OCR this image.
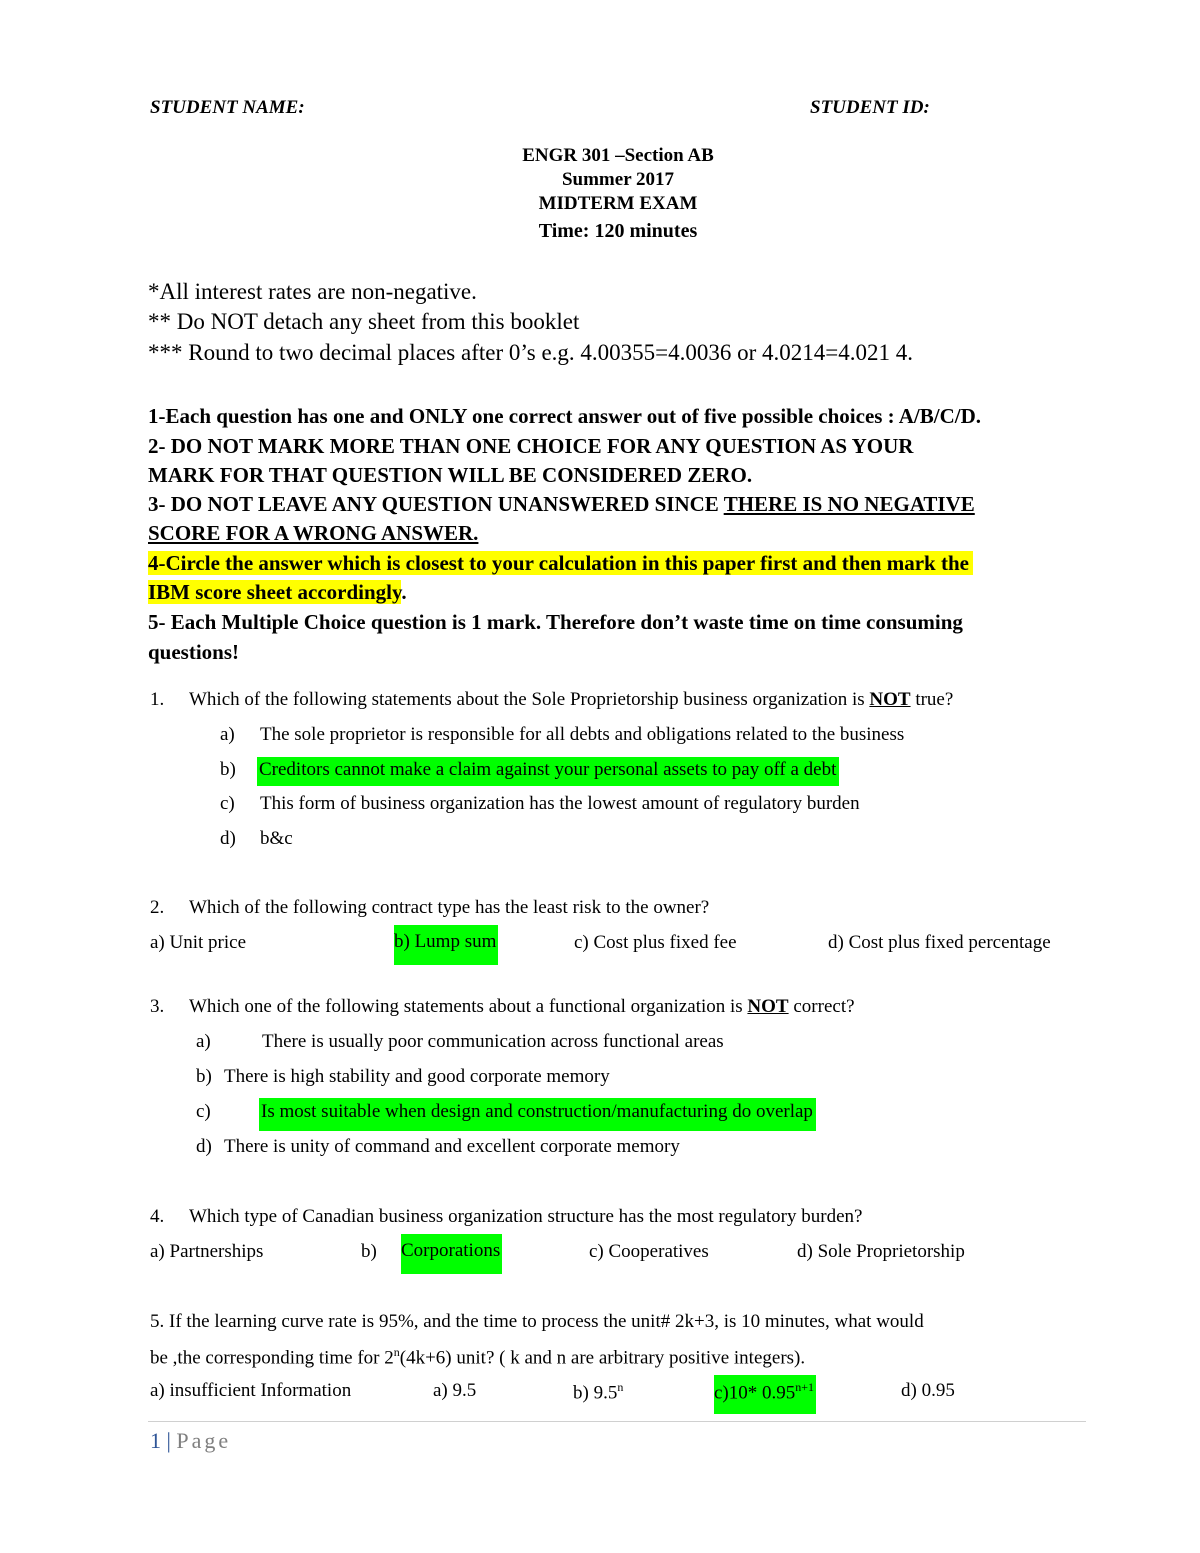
STUDENT NAME:	STUDENT ID:
ENGR 301 –Section AB
Summer 2017
MIDTERM EXAM
Time: 120 minutes
*All interest rates are non-negative.
** Do NOT detach any sheet from this booklet
*** Round to two decimal places after 0’s e.g. 4.00355=4.0036 or 4.0214=4.021 4.
1-Each question has one and ONLY one correct answer out of five possible choices : A/B/C/D.
2- DO NOT MARK MORE THAN ONE CHOICE FOR ANY QUESTION AS YOUR
MARK FOR THAT QUESTION WILL BE CONSIDERED ZERO.
3- DO NOT LEAVE ANY QUESTION UNANSWERED SINCE THERE IS NO NEGATIVE
SCORE FOR A WRONG ANSWER.
4-Circle the answer which is closest to your calculation in this paper first and then mark the
IBM score sheet accordingly.
5- Each Multiple Choice question is 1 mark. Therefore don’t waste time on time consuming
questions!
1. Which of the following statements about the Sole Proprietorship business organization is NOT true?
a) The sole proprietor is responsible for all debts and obligations related to the business
b) Creditors cannot make a claim against your personal assets to pay off a debt
c) This form of business organization has the lowest amount of regulatory burden
d) b&c
2. Which of the following contract type has the least risk to the owner?
a) Unit price	b) Lump sum	c) Cost plus fixed fee	d) Cost plus fixed percentage
3. Which one of the following statements about a functional organization is NOT correct?
a)	There is usually poor communication across functional areas
b) There is high stability and good corporate memory
c)	Is most suitable when design and construction/manufacturing do overlap
d) There is unity of command and excellent corporate memory
4. Which type of Canadian business organization structure has the most regulatory burden?
a) Partnerships	b) Corporations	c) Cooperatives	d) Sole Proprietorship
5. If the learning curve rate is 95%, and the time to process the unit# 2k+3, is 10 minutes, what would
be ,the corresponding time for $2^n(4k+6)$ unit? ( k and n are arbitrary positive integers).
a) insufficient Information	a) 9.5	b) 9.5$^n$	c)10* $0.95^{n+1}$	d) 0.95
1 | Page
